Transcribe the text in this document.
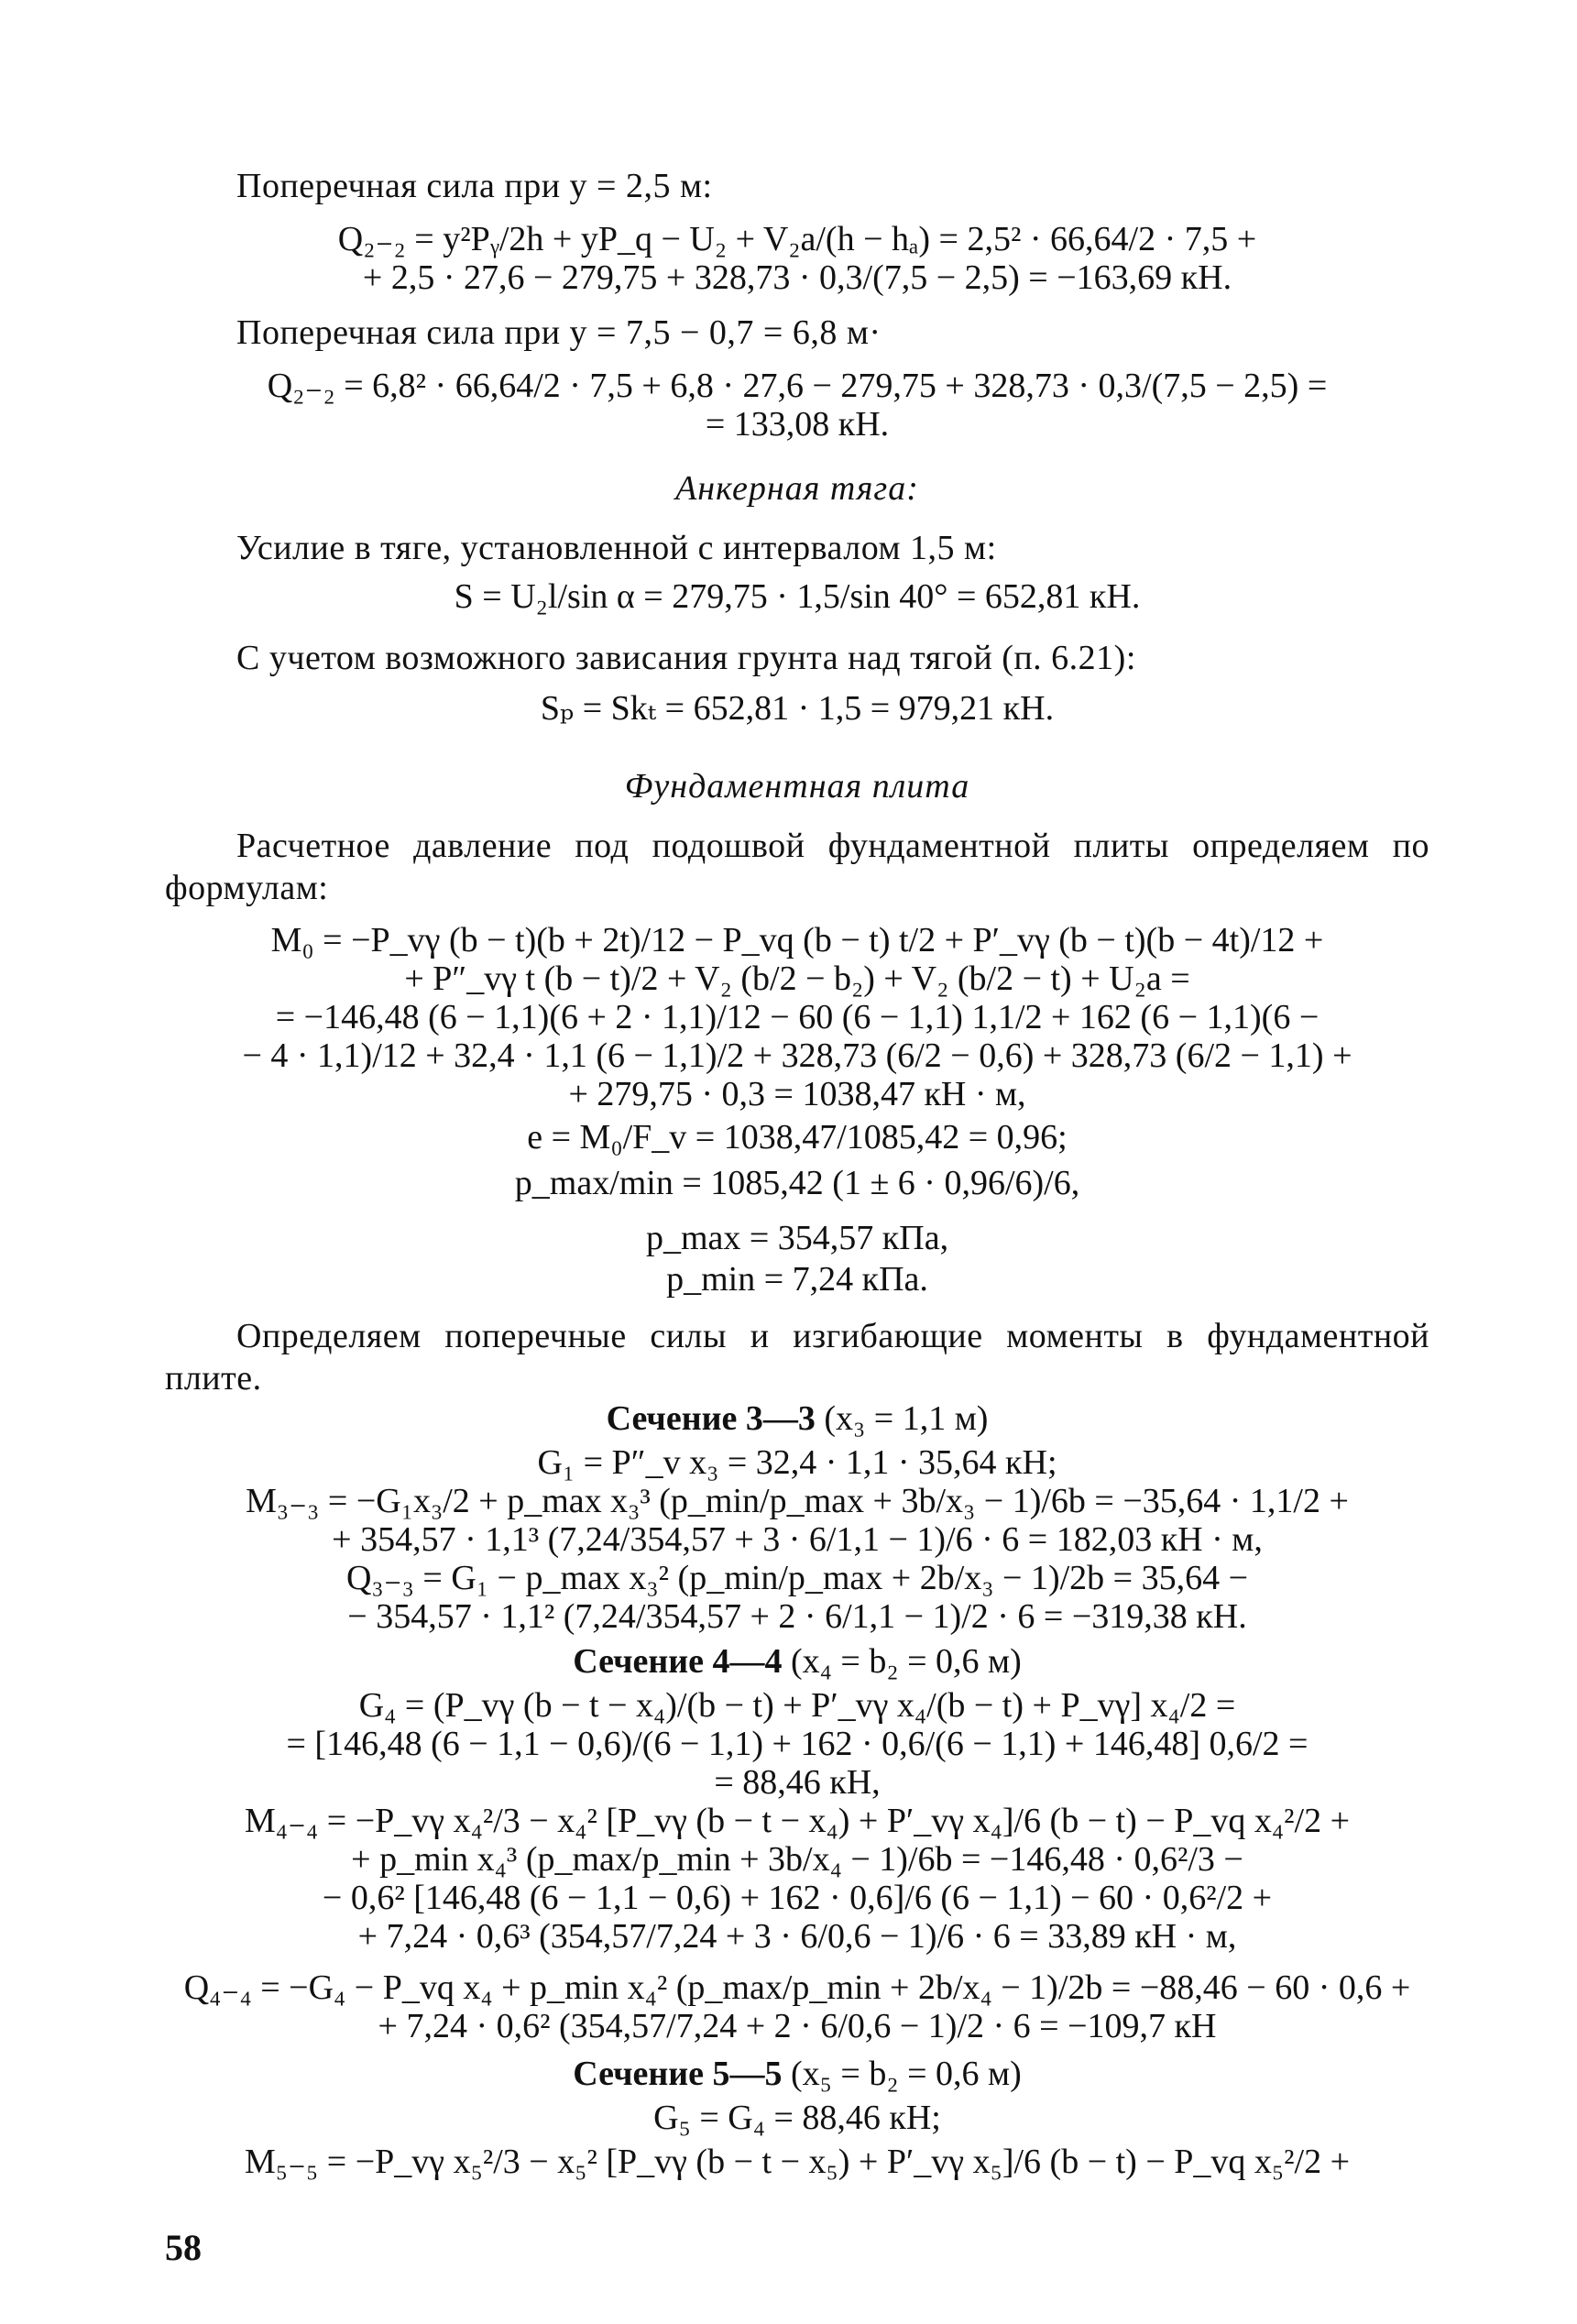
Поперечная сила при y = 2,5 м:
Q₂₋₂ = y²Pᵧ/2h + yP_q − U₂ + V₂a/(h − hₐ) = 2,5² · 66,64/2 · 7,5 +
+ 2,5 · 27,6 − 279,75 + 328,73 · 0,3/(7,5 − 2,5) = −163,69 кН.
Поперечная сила при y = 7,5 − 0,7 = 6,8 м·
Q₂₋₂ = 6,8² · 66,64/2 · 7,5 + 6,8 · 27,6 − 279,75 + 328,73 · 0,3/(7,5 − 2,5) =
= 133,08 кН.
Анкерная тяга:
Усилие в тяге, установленной с интервалом 1,5 м:
S = U₂l/sin α = 279,75 · 1,5/sin 40° = 652,81 кН.
С учетом возможного зависания грунта над тягой (п. 6.21):
Sₚ = Skₜ = 652,81 · 1,5 = 979,21 кН.
Фундаментная плита
Расчетное давление под подошвой фундаментной плиты определяем по формулам:
M₀ = −P_vγ (b − t)(b + 2t)/12 − P_vq (b − t) t/2 + P′_vγ (b − t)(b − 4t)/12 +
+ P″_vγ t (b − t)/2 + V₂ (b/2 − b₂) + V₂ (b/2 − t) + U₂a =
= −146,48 (6 − 1,1)(6 + 2 · 1,1)/12 − 60 (6 − 1,1) 1,1/2 + 162 (6 − 1,1)(6 −
− 4 · 1,1)/12 + 32,4 · 1,1 (6 − 1,1)/2 + 328,73 (6/2 − 0,6) + 328,73 (6/2 − 1,1) +
+ 279,75 · 0,3 = 1038,47 кН · м,
e = M₀/F_v = 1038,47/1085,42 = 0,96;
p_max/min = 1085,42 (1 ± 6 · 0,96/6)/6,
p_max = 354,57 кПа,
p_min = 7,24 кПа.
Определяем поперечные силы и изгибающие моменты в фундаментной плите.
Сечение 3—3 (x₃ = 1,1 м)
G₁ = P″_v x₃ = 32,4 · 1,1 · 35,64 кН;
M₃₋₃ = −G₁x₃/2 + p_max x₃³ (p_min/p_max + 3b/x₃ − 1)/6b = −35,64 · 1,1/2 +
+ 354,57 · 1,1³ (7,24/354,57 + 3 · 6/1,1 − 1)/6 · 6 = 182,03 кН · м,
Q₃₋₃ = G₁ − p_max x₃² (p_min/p_max + 2b/x₃ − 1)/2b = 35,64 −
− 354,57 · 1,1² (7,24/354,57 + 2 · 6/1,1 − 1)/2 · 6 = −319,38 кН.
Сечение 4—4 (x₄ = b₂ = 0,6 м)
G₄ = (P_vγ (b − t − x₄)/(b − t) + P′_vγ x₄/(b − t) + P_vγ] x₄/2 =
= [146,48 (6 − 1,1 − 0,6)/(6 − 1,1) + 162 · 0,6/(6 − 1,1) + 146,48] 0,6/2 =
= 88,46 кН,
M₄₋₄ = −P_vγ x₄²/3 − x₄² [P_vγ (b − t − x₄) + P′_vγ x₄]/6 (b − t) − P_vq x₄²/2 +
+ p_min x₄³ (p_max/p_min + 3b/x₄ − 1)/6b = −146,48 · 0,6²/3 −
− 0,6² [146,48 (6 − 1,1 − 0,6) + 162 · 0,6]/6 (6 − 1,1) − 60 · 0,6²/2 +
+ 7,24 · 0,6³ (354,57/7,24 + 3 · 6/0,6 − 1)/6 · 6 = 33,89 кН · м,
Q₄₋₄ = −G₄ − P_vq x₄ + p_min x₄² (p_max/p_min + 2b/x₄ − 1)/2b = −88,46 − 60 · 0,6 +
+ 7,24 · 0,6² (354,57/7,24 + 2 · 6/0,6 − 1)/2 · 6 = −109,7 кН
Сечение 5—5 (x₅ = b₂ = 0,6 м)
G₅ = G₄ = 88,46 кН;
M₅₋₅ = −P_vγ x₅²/3 − x₅² [P_vγ (b − t − x₅) + P′_vγ x₅]/6 (b − t) − P_vq x₅²/2 +
58
